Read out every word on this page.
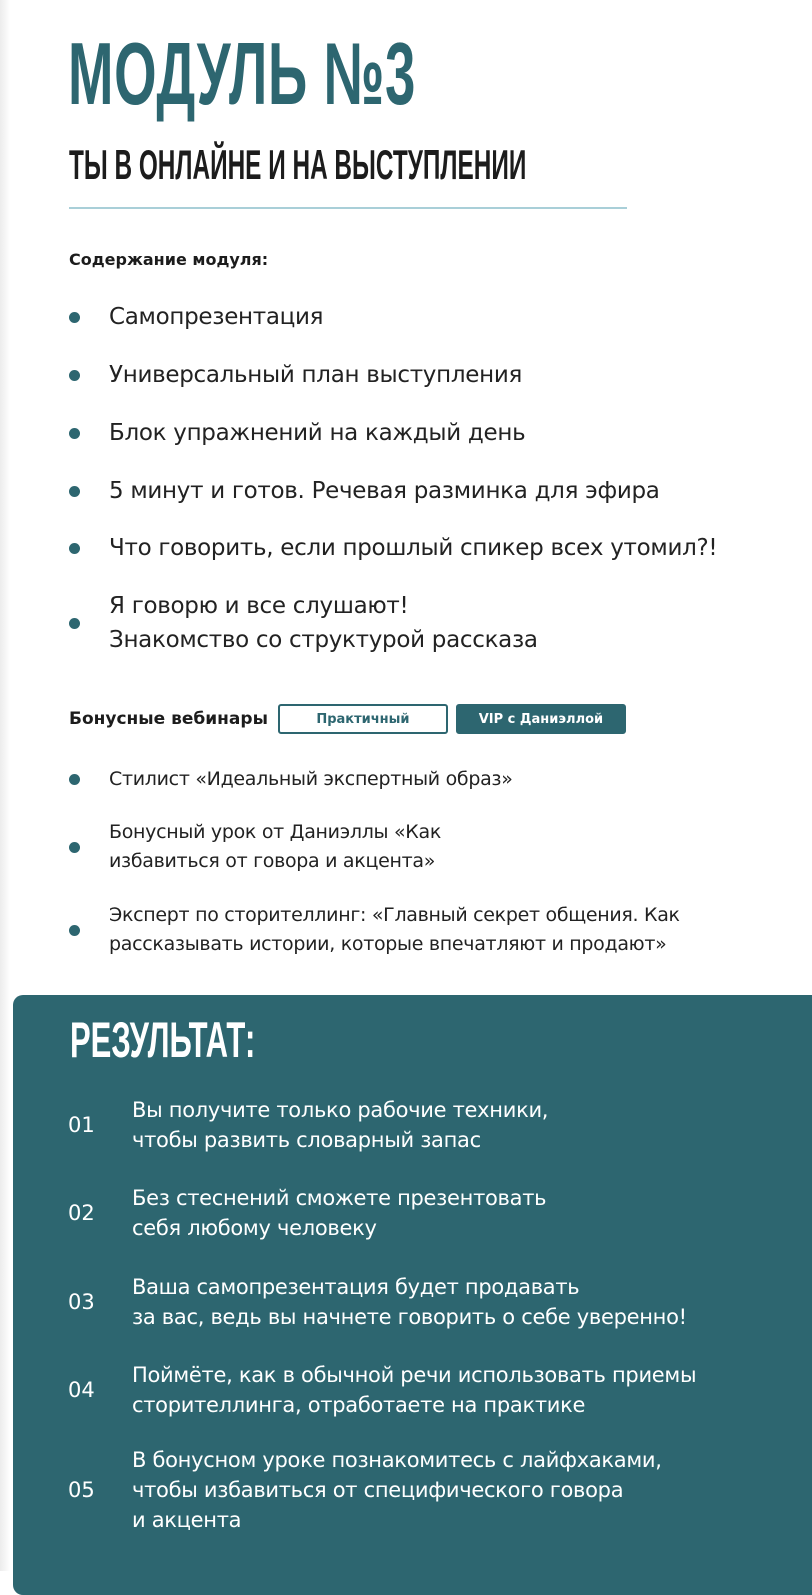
МОДУЛЬ №3
ТЫ В ОНЛАЙНЕ И НА ВЫСТУПЛЕНИИ
Содержание модуля:
Самопрезентация
Универсальный план выступления
Блок упражнений на каждый день
5 минут и готов. Речевая разминка для эфира
Что говорить, если прошлый спикер всех утомил?!
Я говорю и все слушают!
Знакомство со структурой рассказа
Бонусные вебинары	Практичный	VIP с Даниэллой
Стилист «Идеальный экспертный образ»
Бонусный урок от Даниэллы «Как
избавиться от говора и акцента»
Эксперт по сторителлинг: «Главный секрет общения. Как
рассказывать истории, которые впечатляют и продают»
РЕЗУЛЬТАТ:
01
Вы получите только рабочие техники,
чтобы развить словарный запас
02
Без стеснений сможете презентовать
себя любому человеку
03
Ваша самопрезентация будет продавать
за вас, ведь вы начнете говорить о себе уверенно!
04
Поймёте, как в обычной речи использовать приемы
сторителлинга, отработаете на практике
05
В бонусном уроке познакомитесь с лайфхаками,
чтобы избавиться от специфического говора
и акцента
